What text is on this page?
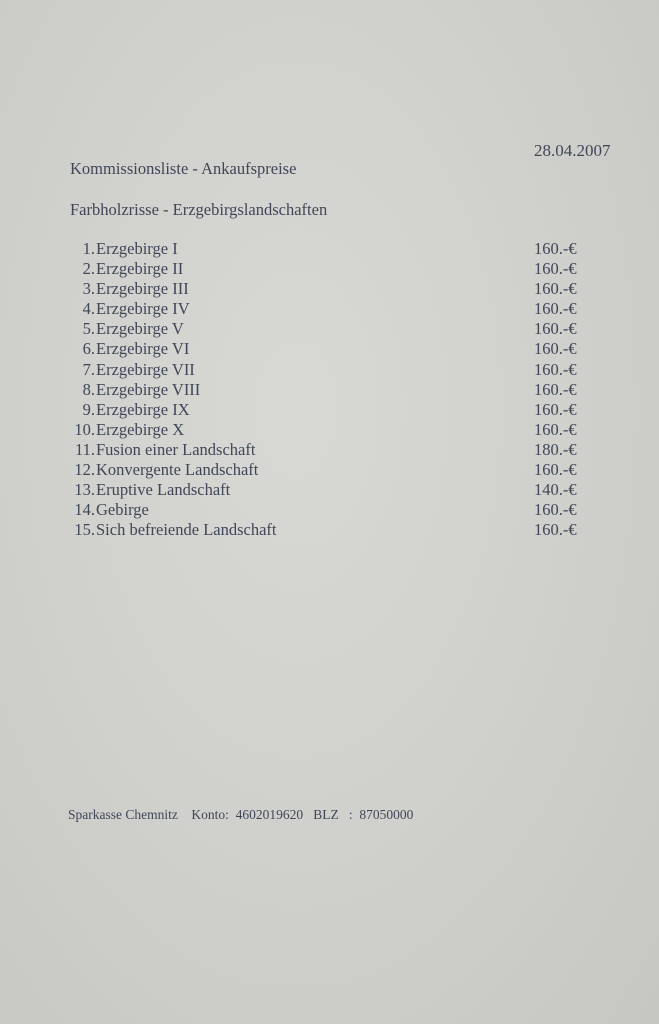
28.04.2007
Kommissionsliste - Ankaufspreise
Farbholzrisse - Erzgebirgslandschaften
1. Erzgebirge I	160.-€
2. Erzgebirge II	160.-€
3. Erzgebirge III	160.-€
4. Erzgebirge IV	160.-€
5. Erzgebirge V	160.-€
6. Erzgebirge VI	160.-€
7. Erzgebirge VII	160.-€
8. Erzgebirge VIII	160.-€
9. Erzgebirge IX	160.-€
10. Erzgebirge X	160.-€
11. Fusion einer Landschaft	180.-€
12. Konvergente Landschaft	160.-€
13. Eruptive Landschaft	140.-€
14. Gebirge	160.-€
15. Sich befreiende Landschaft	160.-€
Sparkasse Chemnitz    Konto:  4602019620   BLZ   :  87050000
